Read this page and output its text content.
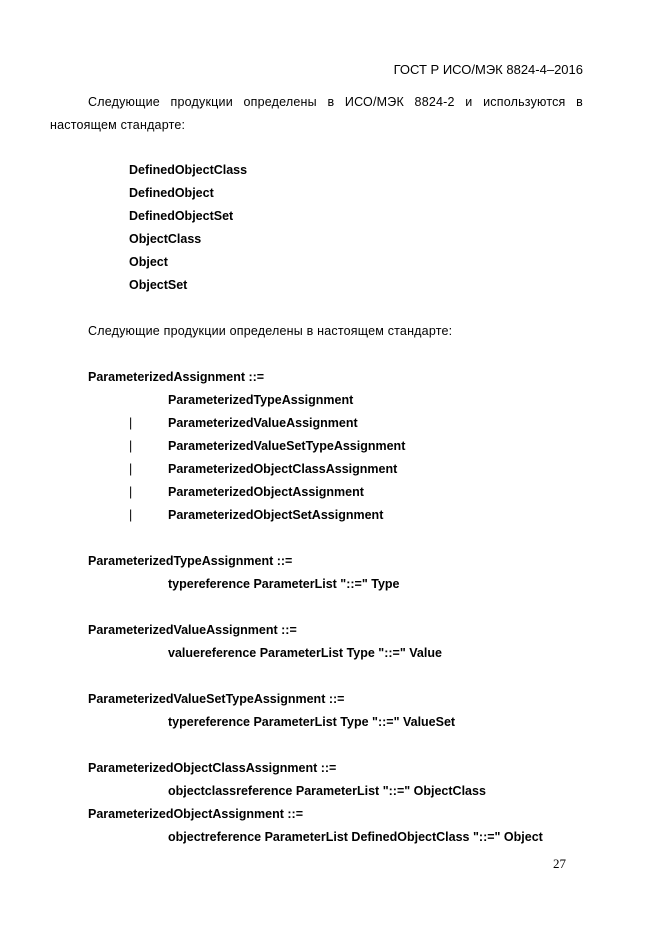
ГОСТ Р ИСО/МЭК 8824-4–2016
Следующие продукции определены в ИСО/МЭК 8824-2 и используются в
настоящем стандарте:
DefinedObjectClass
DefinedObject
DefinedObjectSet
ObjectClass
Object
ObjectSet
Следующие продукции определены в настоящем стандарте:
ParameterizedAssignment ::=
ParameterizedTypeAssignment
|	ParameterizedValueAssignment
|	ParameterizedValueSetTypeAssignment
|	ParameterizedObjectClassAssignment
|	ParameterizedObjectAssignment
|	ParameterizedObjectSetAssignment
ParameterizedTypeAssignment ::=
typereference ParameterList "::=" Type
ParameterizedValueAssignment ::=
valuereference ParameterList Type "::=" Value
ParameterizedValueSetTypeAssignment ::=
typereference ParameterList Type "::=" ValueSet
ParameterizedObjectClassAssignment ::=
objectclassreference ParameterList "::=" ObjectClass
ParameterizedObjectAssignment ::=
objectreference ParameterList DefinedObjectClass "::=" Object
27
